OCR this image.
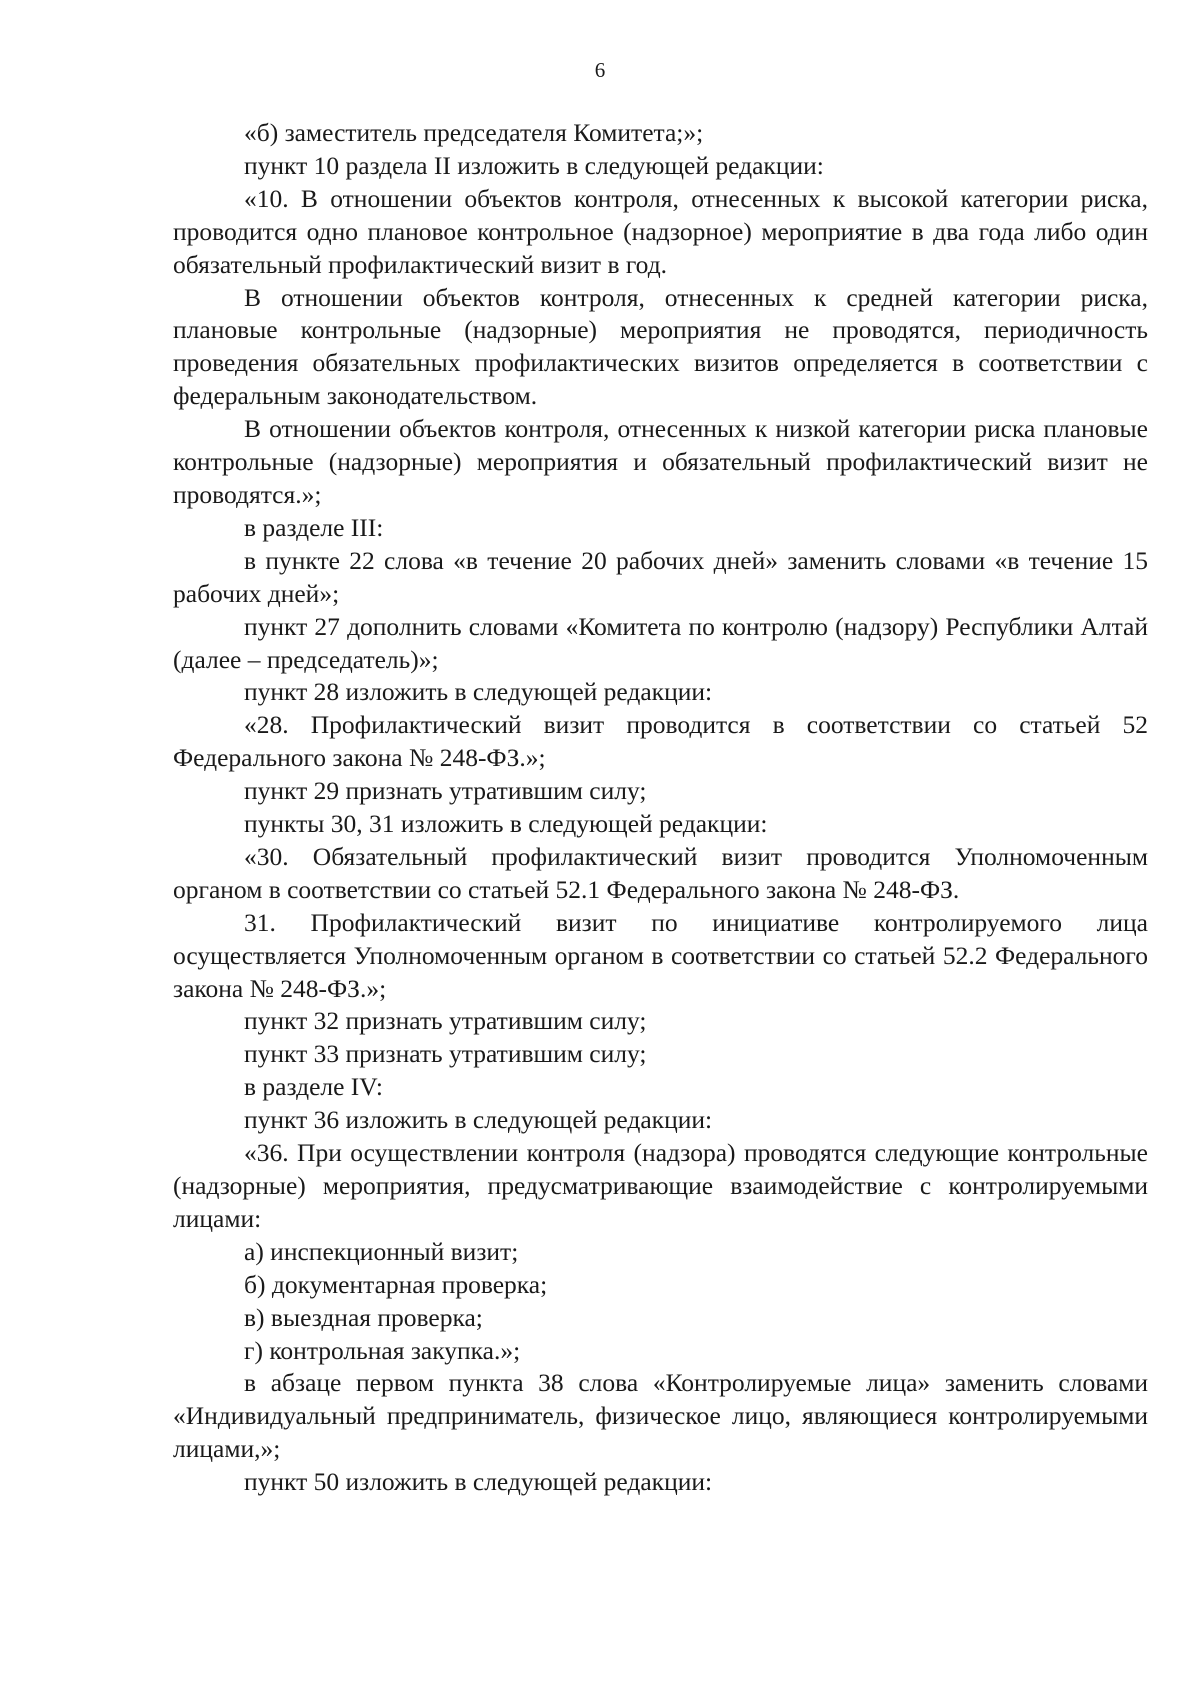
6

«б) заместитель председателя Комитета;»;

пункт 10 раздела II изложить в следующей редакции:

«10. В отношении объектов контроля, отнесенных к высокой категории риска, проводится одно плановое контрольное (надзорное) мероприятие в два года либо один обязательный профилактический визит в год.

В отношении объектов контроля, отнесенных к средней категории риска, плановые контрольные (надзорные) мероприятия не проводятся, периодичность проведения обязательных профилактических визитов определяется в соответствии с федеральным законодательством.

В отношении объектов контроля, отнесенных к низкой категории риска плановые контрольные (надзорные) мероприятия и обязательный профилактический визит не проводятся.»;

в разделе III:

в пункте 22 слова «в течение 20 рабочих дней» заменить словами «в течение 15 рабочих дней»;

пункт 27 дополнить словами «Комитета по контролю (надзору) Республики Алтай (далее – председатель)»;

пункт 28 изложить в следующей редакции:

«28. Профилактический визит проводится в соответствии со статьей 52 Федерального закона № 248-ФЗ.»;

пункт 29 признать утратившим силу;

пункты 30, 31 изложить в следующей редакции:

«30. Обязательный профилактический визит проводится Уполномоченным органом в соответствии со статьей 52.1 Федерального закона № 248-ФЗ.

31. Профилактический визит по инициативе контролируемого лица осуществляется Уполномоченным органом в соответствии со статьей 52.2 Федерального закона № 248-ФЗ.»;

пункт 32 признать утратившим силу;

пункт 33 признать утратившим силу;

в разделе IV:

пункт 36 изложить в следующей редакции:

«36. При осуществлении контроля (надзора) проводятся следующие контрольные (надзорные) мероприятия, предусматривающие взаимодействие с контролируемыми лицами:

а) инспекционный визит;

б) документарная проверка;

в) выездная проверка;

г) контрольная закупка.»;

в абзаце первом пункта 38 слова «Контролируемые лица» заменить словами «Индивидуальный предприниматель, физическое лицо, являющиеся контролируемыми лицами,»;

пункт 50 изложить в следующей редакции:
